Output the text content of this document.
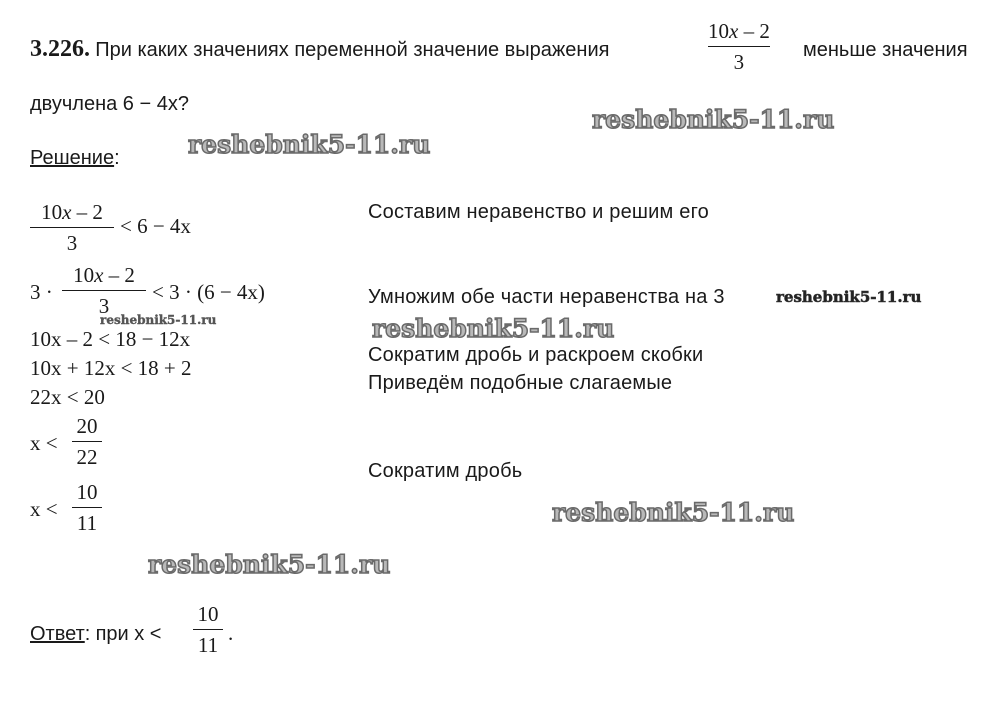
3.226. При каких значениях переменной значение выражения
10x – 2
3	меньше значения
двучлена 6 − 4x?
Решение:
10x – 2
3
< 6 − 4x
3 ·
10x – 2
3
< 3 · (6 − 4x)
10x – 2 < 18 − 12x
10x + 12x < 18 + 2
22x < 20
x <
20
22
x <
10
11
Составим неравенство и решим его
Умножим обе части неравенства на 3
Сократим дробь и раскроем скобки
Приведём подобные слагаемые
Сократим дробь
Ответ: при x <
10
11 .
reshebnik5-11.ru
reshebnik5-11.ru
reshebnik5-11.ru
reshebnik5-11.ru	reshebnik5-11.ru
reshebnik5-11.ru
reshebnik5-11.ru
